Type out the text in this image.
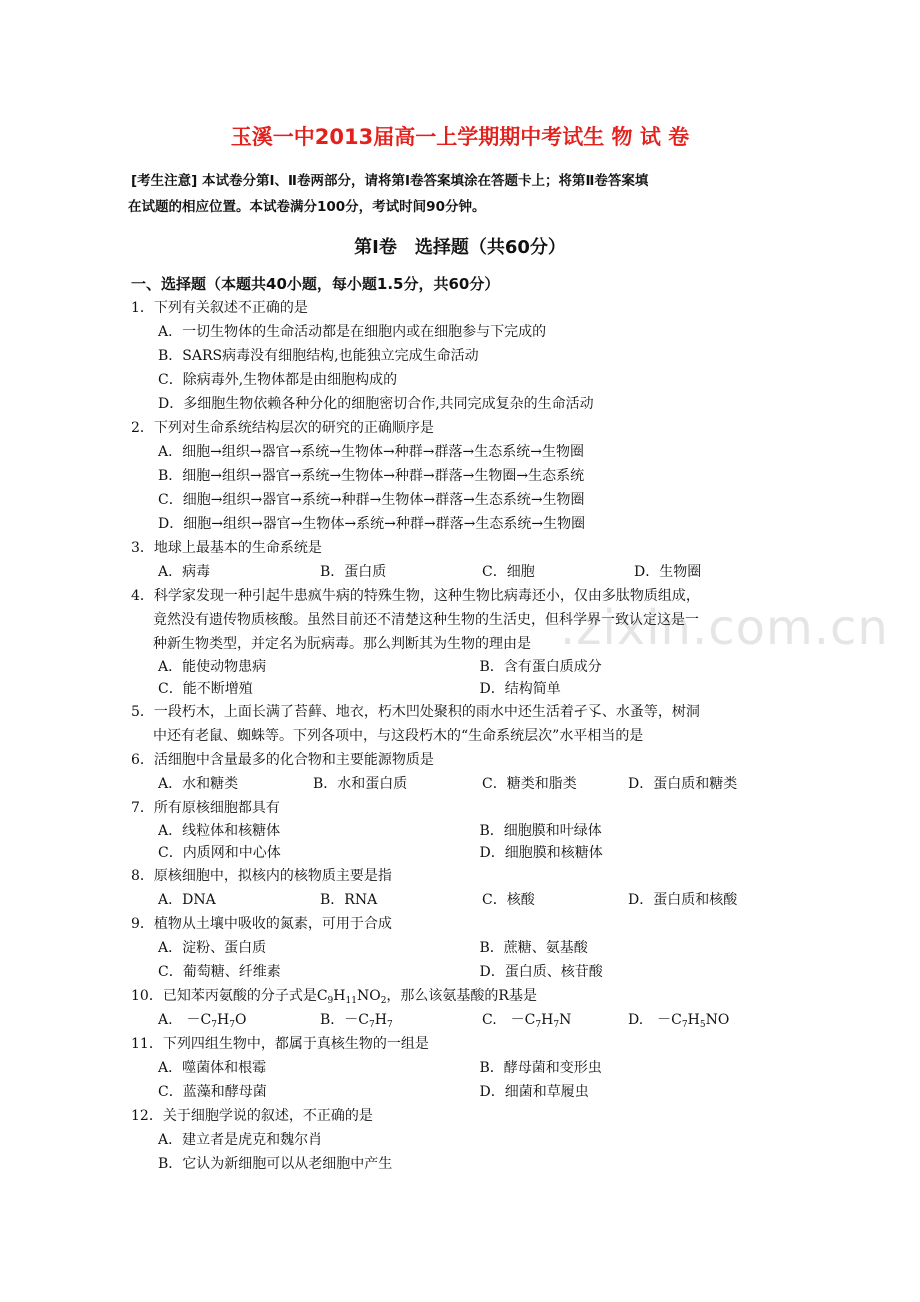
玉溪一中2013届高一上学期期中考试生 物 试 卷
[考生注意] 本试卷分第Ⅰ、Ⅱ卷两部分，请将第Ⅰ卷答案填涂在答题卡上；将第Ⅱ卷答案填
在试题的相应位置。本试卷满分100分，考试时间90分钟。
第Ⅰ卷　选择题（共60分）
一、选择题（本题共40小题，每小题1.5分，共60分）
.zixin.com.cn
1．下列有关叙述不正确的是
A．一切生物体的生命活动都是在细胞内或在细胞参与下完成的
B．SARS病毒没有细胞结构,也能独立完成生命活动
C．除病毒外,生物体都是由细胞构成的
D．多细胞生物依赖各种分化的细胞密切合作,共同完成复杂的生命活动
2．下列对生命系统结构层次的研究的正确顺序是
A．细胞→组织→器官→系统→生物体→种群→群落→生态系统→生物圈
B．细胞→组织→器官→系统→生物体→种群→群落→生物圈→生态系统
C．细胞→组织→器官→系统→种群→生物体→群落→生态系统→生物圈
D．细胞→组织→器官→生物体→系统→种群→群落→生态系统→生物圈
3．地球上最基本的生命系统是
A．病毒	B．蛋白质	C．细胞	D．生物圈
4．科学家发现一种引起牛患疯牛病的特殊生物，这种生物比病毒还小，仅由多肽物质组成，
竟然没有遗传物质核酸。虽然目前还不清楚这种生物的生活史，但科学界一致认定这是一
种新生物类型，并定名为朊病毒。那么判断其为生物的理由是
A．能使动物患病	B．含有蛋白质成分
C．能不断增殖	D．结构简单
5．一段朽木，上面长满了苔藓、地衣，朽木凹处聚积的雨水中还生活着孑孓、水蚤等，树洞
中还有老鼠、蜘蛛等。下列各项中，与这段朽木的“生命系统层次”水平相当的是
6．活细胞中含量最多的化合物和主要能源物质是
A．水和糖类	B．水和蛋白质	C．糖类和脂类	D．蛋白质和糖类
7．所有原核细胞都具有
A．线粒体和核糖体	B．细胞膜和叶绿体
C．内质网和中心体	D．细胞膜和核糖体
8．原核细胞中，拟核内的核物质主要是指
A．DNA	B．RNA	C．核酸	D．蛋白质和核酸
9．植物从土壤中吸收的氮素，可用于合成
A．淀粉、蛋白质	B．蔗糖、氨基酸
C．葡萄糖、纤维素	D．蛋白质、核苷酸
10．已知苯丙氨酸的分子式是$C_9H_{11}NO_2$，那么该氨基酸的R基是
A.　$-C_7H_7O$	B．$-C_7H_7$	C.　$-C_7H_7N$	D.　$-C_7H_5NO$
11．下列四组生物中，都属于真核生物的一组是
A．噬菌体和根霉	B．酵母菌和变形虫
C．蓝藻和酵母菌	D．细菌和草履虫
12．关于细胞学说的叙述，不正确的是
A．建立者是虎克和魏尔肖
B．它认为新细胞可以从老细胞中产生
